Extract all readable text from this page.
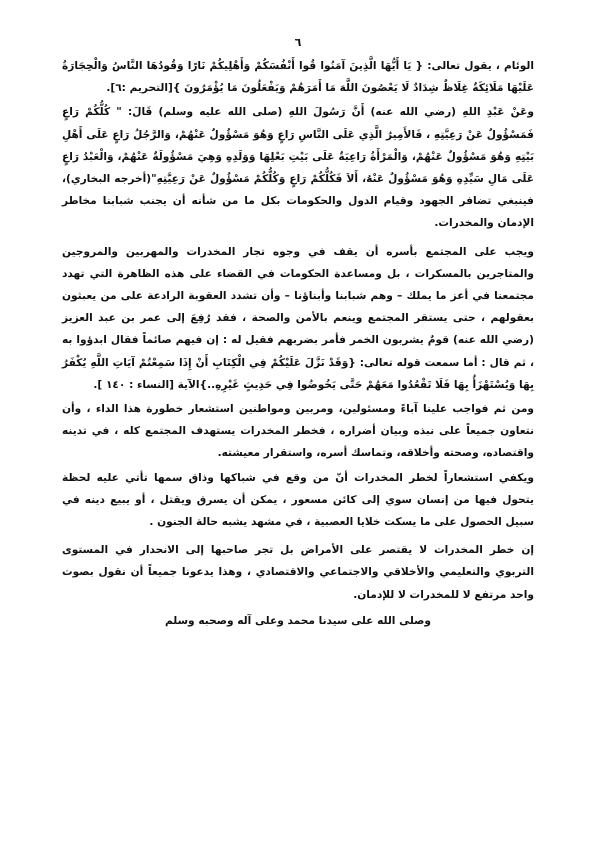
٦

الوئام ، يقول تعالى: { يَا أَيُّهَا الَّذِينَ آمَنُوا قُوا أَنْفُسَكُمْ وَأَهْلِيكُمْ نَارًا وَقُودُهَا النَّاسُ وَالْحِجَارَةُ عَلَيْهَا مَلَائِكَةٌ غِلَاظٌ شِدَادٌ لَا يَعْصُونَ اللَّهَ مَا أَمَرَهُمْ وَيَفْعَلُونَ مَا يُؤْمَرُونَ }[التحريم :٦].

وعَنْ عَبْدِ اللهِ (رضي الله عنه) أَنَّ رَسُولَ اللهِ (صلى الله عليه وسلم) قَالَ: " كُلُّكُمْ رَاعٍ فَمَسْؤُولٌ عَنْ رَعِيَّتِهِ ، فَالأَمِيرُ الَّذِي عَلَى النَّاسِ رَاعٍ وَهُوَ مَسْؤُولٌ عَنْهُمْ، وَالرَّجُلُ رَاعٍ عَلَى أَهْلِ بَيْتِهِ وَهُوَ مَسْؤُولٌ عَنْهُمْ، وَالْمَرْأَةُ رَاعِيَةٌ عَلَى بَيْتِ بَعْلِهَا وَوَلَدِهِ وَهِيَ مَسْؤُولَةٌ عَنْهُمْ، وَالْعَبْدُ رَاعٍ عَلَى مَالِ سَيِّدِهِ وَهُوَ مَسْؤُولٌ عَنْهُ، أَلاَ فَكُلُّكُمْ رَاعٍ وَكُلُّكُمْ مَسْؤُولٌ عَنْ رَعِيَّتِهِ"(أخرجه البخاري)، فينبغي تضافر الجهود وقيام الدول والحكومات بكل ما من شأنه أن يجنب شبابنا مخاطر الإدمان والمخدرات.

ويجب على المجتمع بأسره أن يقف في وجوه تجار المخدرات والمهربين والمروجين والمتاجرين بالمسكرات ، بل ومساعدة الحكومات في القضاء على هذه الظاهرة التي تهدد مجتمعنا في أعز ما يملك – وهم شبابنا وأبناؤنا – وأن تشدد العقوبة الرادعة على من يعبثون بعقولهم ، حتى يستقر المجتمع وينعم بالأمن والصحة ، فقد رُفِعَ إلى عمر بن عبد العزيز (رضي الله عنه) قومٌ يشربون الخمر فأمر بضربهم فقيل له : إن فيهم صائماً فقال ابدؤوا به ، ثم قال : أما سمعت قوله تعالى: {وَقَدْ نَزَّلَ عَلَيْكُمْ فِي الْكِتَابِ أَنْ إِذَا سَمِعْتُمْ آيَاتِ اللَّهِ يُكْفَرُ بِهَا وَيُسْتَهْزَأُ بِهَا فَلَا تَقْعُدُوا مَعَهُمْ حَتَّى يَخُوضُوا فِي حَدِيثٍ غَيْرِهِ..}الآية [النساء : ١٤٠ ].

ومن ثم فواجب علينا آباءً ومسئولين، ومربين ومواطنين استشعار خطورة هذا الداء ، وأن نتعاون جميعاً على نبذه وبيان أضراره ، فخطر المخدرات يستهدف المجتمع كله ، في تدينه واقتصاده، وصحته وأخلاقه، وتماسك أسره، واستقرار معيشته.

ويكفي استشعاراً لخطر المخدرات أنّ من وقع في شباكها وذاق سمها تأتي عليه لحظة يتحول فيها من إنسان سوي إلى كائن مسعور ، يمكن أن يسرق ويقتل ، أو يبيع دينه في سبيل الحصول على ما يسكت خلايا العصبية ، في مشهد يشبه حالة الجنون .

إن خطر المخدرات لا يقتصر على الأمراض بل تجر صاحبها إلى الانحدار في المستوى التربوي والتعليمي والأخلاقي والاجتماعي والاقتصادي ، وهذا يدعونا جميعاً أن نقول بصوت واحد مرتفع لا للمخدرات لا للإدمان.

وصلى الله على سيدنا محمد وعلى آله وصحبه وسلم
